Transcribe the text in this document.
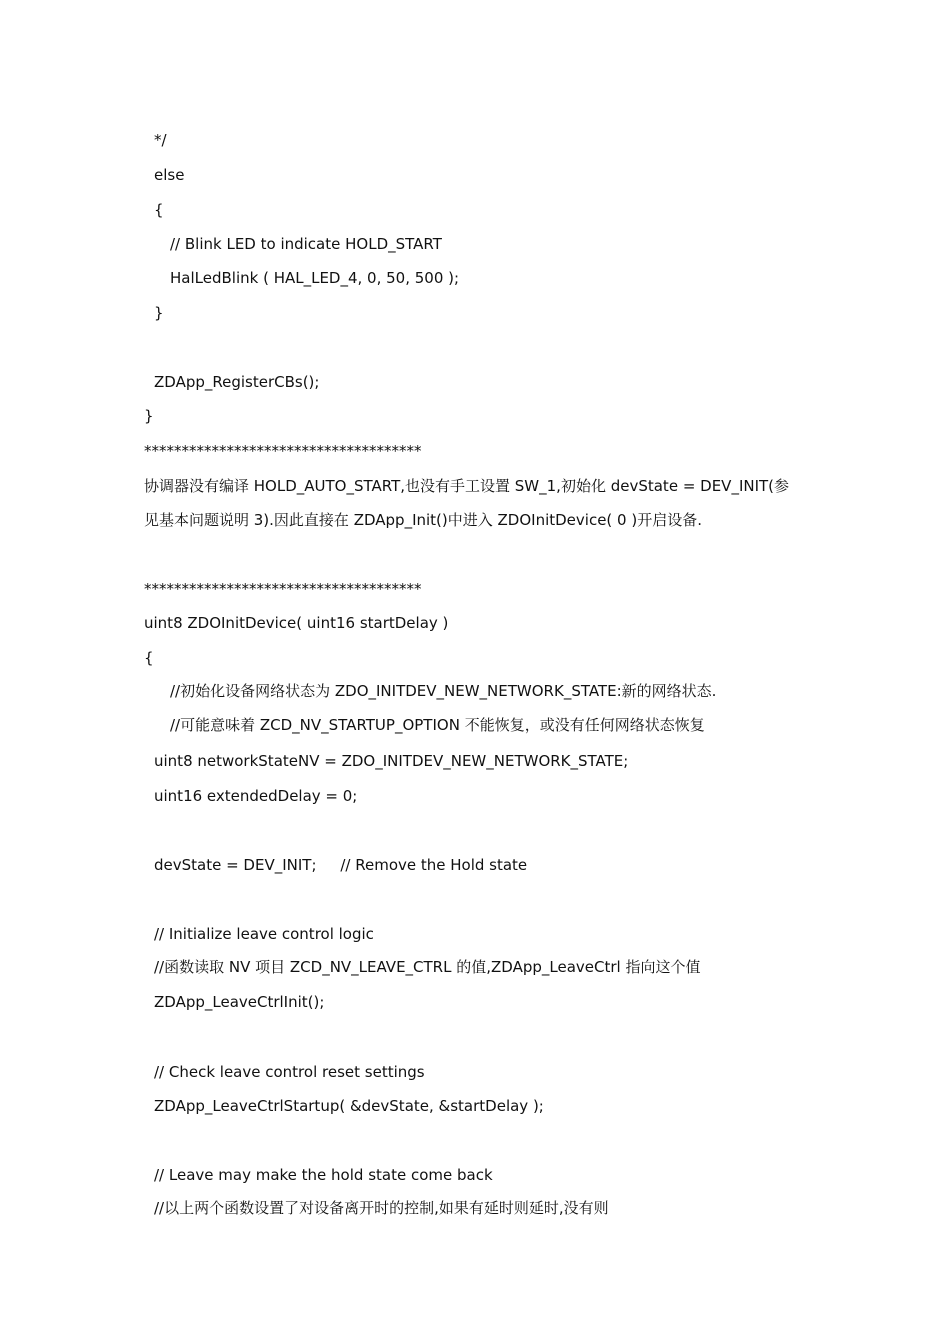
*/
else
{
// Blink LED to indicate HOLD_START
HalLedBlink ( HAL_LED_4, 0, 50, 500 );
}
ZDApp_RegisterCBs();
}
*************************************
协调器没有编译 HOLD_AUTO_START,也没有手工设置 SW_1,初始化 devState = DEV_INIT(参
见基本问题说明 3).因此直接在 ZDApp_Init()中进入 ZDOInitDevice( 0 )开启设备.
*************************************
uint8 ZDOInitDevice( uint16 startDelay )
{
//初始化设备网络状态为 ZDO_INITDEV_NEW_NETWORK_STATE:新的网络状态.
//可能意味着 ZCD_NV_STARTUP_OPTION 不能恢复，或没有任何网络状态恢复
uint8 networkStateNV = ZDO_INITDEV_NEW_NETWORK_STATE;
uint16 extendedDelay = 0;
devState = DEV_INIT;     // Remove the Hold state
// Initialize leave control logic
//函数读取 NV 项目 ZCD_NV_LEAVE_CTRL 的值,ZDApp_LeaveCtrl 指向这个值
ZDApp_LeaveCtrlInit();
// Check leave control reset settings
ZDApp_LeaveCtrlStartup( &devState, &startDelay );
// Leave may make the hold state come back
//以上两个函数设置了对设备离开时的控制,如果有延时则延时,没有则
